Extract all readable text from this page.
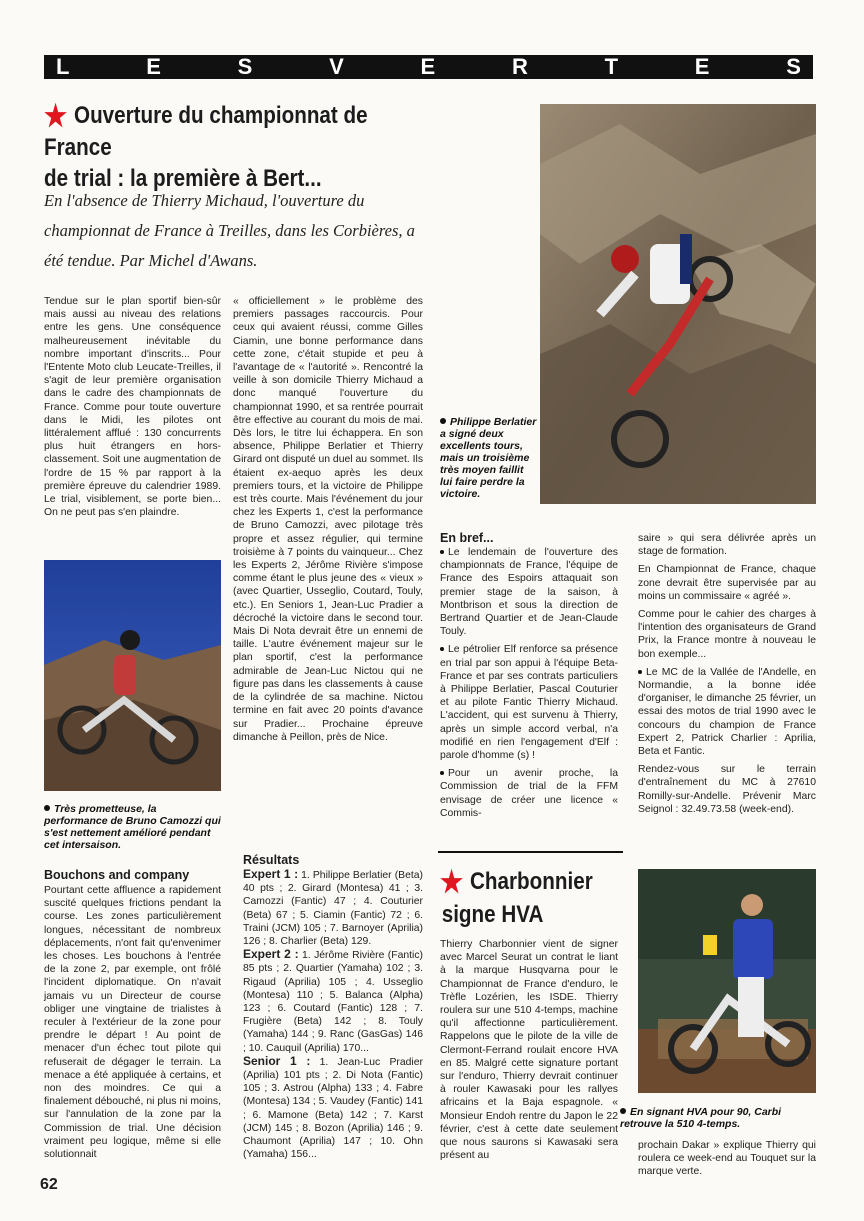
L	E	S	V	E	R	T	E	S
★ Ouverture du championnat de France
de trial : la première à Bert...
En l'absence de Thierry Michaud, l'ouverture du championnat de France à Treilles, dans les Corbières, a été tendue. Par Michel d'Awans.
Philippe Berlatier a signé deux excellents tours, mais un troisième très moyen faillit lui faire perdre la victoire.

Tendue sur le plan sportif bien-sûr mais aussi au niveau des relations entre les gens. Une conséquence malheureusement inévitable du nombre important d'inscrits... Pour l'Entente Moto club Leucate-Treilles, il s'agit de leur première organisation dans le cadre des championnats de France. Comme pour toute ouverture dans le Midi, les pilotes ont littéralement afflué : 130 concurrents plus huit étrangers en hors-classement. Soit une augmentation de l'ordre de 15 % par rapport à la première épreuve du calendrier 1989. Le trial, visiblement, se porte bien... On ne peut pas s'en plaindre.

Très prometteuse, la performance de Bruno Camozzi qui s'est nettement amélioré pendant cet intersaison.
Bouchons and company

Pourtant cette affluence a rapidement suscité quelques frictions pendant la course. Les zones particulièrement longues, nécessitant de nombreux déplacements, n'ont fait qu'envenimer les choses. Les bouchons à l'entrée de la zone 2, par exemple, ont frôlé l'incident diplomatique. On n'avait jamais vu un Directeur de course obliger une vingtaine de trialistes à reculer à l'extérieur de la zone pour prendre le départ ! Au point de menacer d'un échec tout pilote qui refuserait de dégager le terrain. La menace a été appliquée à certains, et non des moindres. Ce qui a finalement débouché, ni plus ni moins, sur l'annulation de la zone par la Commission de trial. Une décision vraiment peu logique, même si elle solutionnait

« officiellement » le problème des premiers passages raccourcis. Pour ceux qui avaient réussi, comme Gilles Ciamin, une bonne performance dans cette zone, c'était stupide et peu à l'avantage de « l'autorité ». Rencontré la veille à son domicile Thierry Michaud a donc manqué l'ouverture du championnat 1990, et sa rentrée pourrait être effective au courant du mois de mai. Dès lors, le titre lui échappera. En son absence, Philippe Berlatier et Thierry Girard ont disputé un duel au sommet. Ils étaient ex-aequo après les deux premiers tours, et la victoire de Philippe est très courte. Mais l'événement du jour chez les Experts 1, c'est la performance de Bruno Camozzi, avec pilotage très propre et assez régulier, qui termine troisième à 7 points du vainqueur... Chez les Experts 2, Jérôme Rivière s'impose comme étant le plus jeune des « vieux » (avec Quartier, Usseglio, Coutard, Touly, etc.). En Seniors 1, Jean-Luc Pradier a décroché la victoire dans le second tour. Mais Di Nota devrait être un ennemi de taille. L'autre événement majeur sur le plan sportif, c'est la performance admirable de Jean-Luc Nictou qui ne figure pas dans les classements à cause de la cylindrée de sa machine. Nictou termine en fait avec 20 points d'avance sur Pradier... Prochaine épreuve dimanche à Peillon, près de Nice.

Résultats

Expert 1 : 1. Philippe Berlatier (Beta) 40 pts ; 2. Girard (Montesa) 41 ; 3. Camozzi (Fantic) 47 ; 4. Couturier (Beta) 67 ; 5. Ciamin (Fantic) 72 ; 6. Traini (JCM) 105 ; 7. Barnoyer (Aprilia) 126 ; 8. Charlier (Beta) 129.

Expert 2 : 1. Jérôme Rivière (Fantic) 85 pts ; 2. Quartier (Yamaha) 102 ; 3. Rigaud (Aprilia) 105 ; 4. Usseglio (Montesa) 110 ; 5. Balanca (Alpha) 123 ; 6. Coutard (Fantic) 128 ; 7. Frugière (Beta) 142 ; 8. Touly (Yamaha) 144 ; 9. Ranc (GasGas) 146 ; 10. Cauquil (Aprilia) 170...

Senior 1 : 1. Jean-Luc Pradier (Aprilia) 101 pts ; 2. Di Nota (Fantic) 105 ; 3. Astrou (Alpha) 133 ; 4. Fabre (Montesa) 134 ; 5. Vaudey (Fantic) 141 ; 6. Mamone (Beta) 142 ; 7. Karst (JCM) 145 ; 8. Bozon (Aprilia) 146 ; 9. Chaumont (Aprilia) 147 ; 10. Ohn (Yamaha) 156...

En bref...

Le lendemain de l'ouverture des championnats de France, l'équipe de France des Espoirs attaquait son premier stage de la saison, à Montbrison et sous la direction de Bertrand Quartier et de Jean-Claude Touly.

Le pétrolier Elf renforce sa présence en trial par son appui à l'équipe Beta-France et par ses contrats particuliers à Philippe Berlatier, Pascal Couturier et au pilote Fantic Thierry Michaud. L'accident, qui est survenu à Thierry, après un simple accord verbal, n'a modifié en rien l'engagement d'Elf : parole d'homme (s) !

Pour un avenir proche, la Commission de trial de la FFM envisage de créer une licence « Commis-

saire » qui sera délivrée après un stage de formation.

En Championnat de France, chaque zone devrait être supervisée par au moins un commissaire « agréé ».

Comme pour le cahier des charges à l'intention des organisateurs de Grand Prix, la France montre à nouveau le bon exemple...

Le MC de la Vallée de l'Andelle, en Normandie, a la bonne idée d'organiser, le dimanche 25 février, un essai des motos de trial 1990 avec le concours du champion de France Expert 2, Patrick Charlier : Aprilia, Beta et Fantic.

Rendez-vous sur le terrain d'entraînement du MC à 27610 Romilly-sur-Andelle. Prévenir Marc Seignol : 32.49.73.58 (week-end).

★ Charbonnier
signe HVA

Thierry Charbonnier vient de signer avec Marcel Seurat un contrat le liant à la marque Husqvarna pour le Championnat de France d'enduro, le Trèfle Lozérien, les ISDE. Thierry roulera sur une 510 4-temps, machine qu'il affectionne particulièrement. Rappelons que le pilote de la ville de Clermont-Ferrand roulait encore HVA en 85. Malgré cette signature portant sur l'enduro, Thierry devrait continuer à rouler Kawasaki pour les rallyes africains et la Baja espagnole. « Monsieur Endoh rentre du Japon le 22 février, c'est à cette date seulement que nous saurons si Kawasaki sera présent au

En signant HVA pour 90, Carbi retrouve la 510 4-temps.

prochain Dakar » explique Thierry qui roulera ce week-end au Touquet sur la marque verte.

62
